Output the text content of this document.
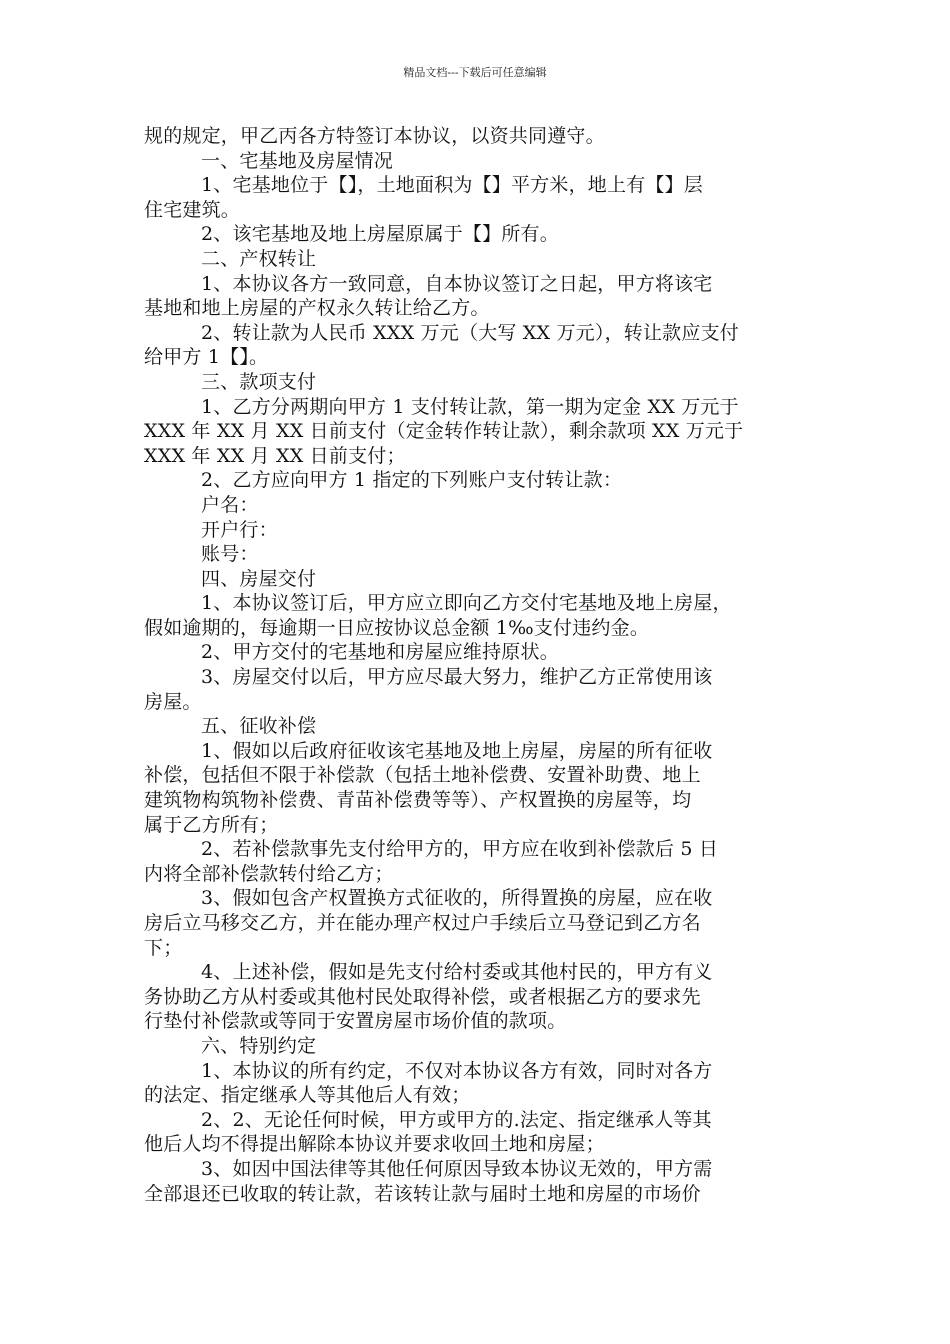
精品文档---下载后可任意编辑
规的规定，甲乙丙各方特签订本协议，以资共同遵守。
一、宅基地及房屋情况
1、宅基地位于【】，土地面积为【】平方米，地上有【】层
住宅建筑。
2、该宅基地及地上房屋原属于【】所有。
二、产权转让
1、本协议各方一致同意，自本协议签订之日起，甲方将该宅
基地和地上房屋的产权永久转让给乙方。
2、转让款为人民币 XXX 万元（大写 XX 万元），转让款应支付
给甲方 1【】。
三、款项支付
1、乙方分两期向甲方 1 支付转让款，第一期为定金 XX 万元于
XXX 年 XX 月 XX 日前支付（定金转作转让款），剩余款项 XX 万元于
XXX 年 XX 月 XX 日前支付；
2、乙方应向甲方 1 指定的下列账户支付转让款：
户名：
开户行：
账号：
四、房屋交付
1、本协议签订后，甲方应立即向乙方交付宅基地及地上房屋，
假如逾期的，每逾期一日应按协议总金额 1‰支付违约金。
2、甲方交付的宅基地和房屋应维持原状。
3、房屋交付以后，甲方应尽最大努力，维护乙方正常使用该
房屋。
五、征收补偿
1、假如以后政府征收该宅基地及地上房屋，房屋的所有征收
补偿，包括但不限于补偿款（包括土地补偿费、安置补助费、地上
建筑物构筑物补偿费、青苗补偿费等等）、产权置换的房屋等，均
属于乙方所有；
2、若补偿款事先支付给甲方的，甲方应在收到补偿款后 5 日
内将全部补偿款转付给乙方；
3、假如包含产权置换方式征收的，所得置换的房屋，应在收
房后立马移交乙方，并在能办理产权过户手续后立马登记到乙方名
下；
4、上述补偿，假如是先支付给村委或其他村民的，甲方有义
务协助乙方从村委或其他村民处取得补偿，或者根据乙方的要求先
行垫付补偿款或等同于安置房屋市场价值的款项。
六、特别约定
1、本协议的所有约定，不仅对本协议各方有效，同时对各方
的法定、指定继承人等其他后人有效；
2、2、无论任何时候，甲方或甲方的.法定、指定继承人等其
他后人均不得提出解除本协议并要求收回土地和房屋；
3、如因中国法律等其他任何原因导致本协议无效的，甲方需
全部退还已收取的转让款，若该转让款与届时土地和房屋的市场价
